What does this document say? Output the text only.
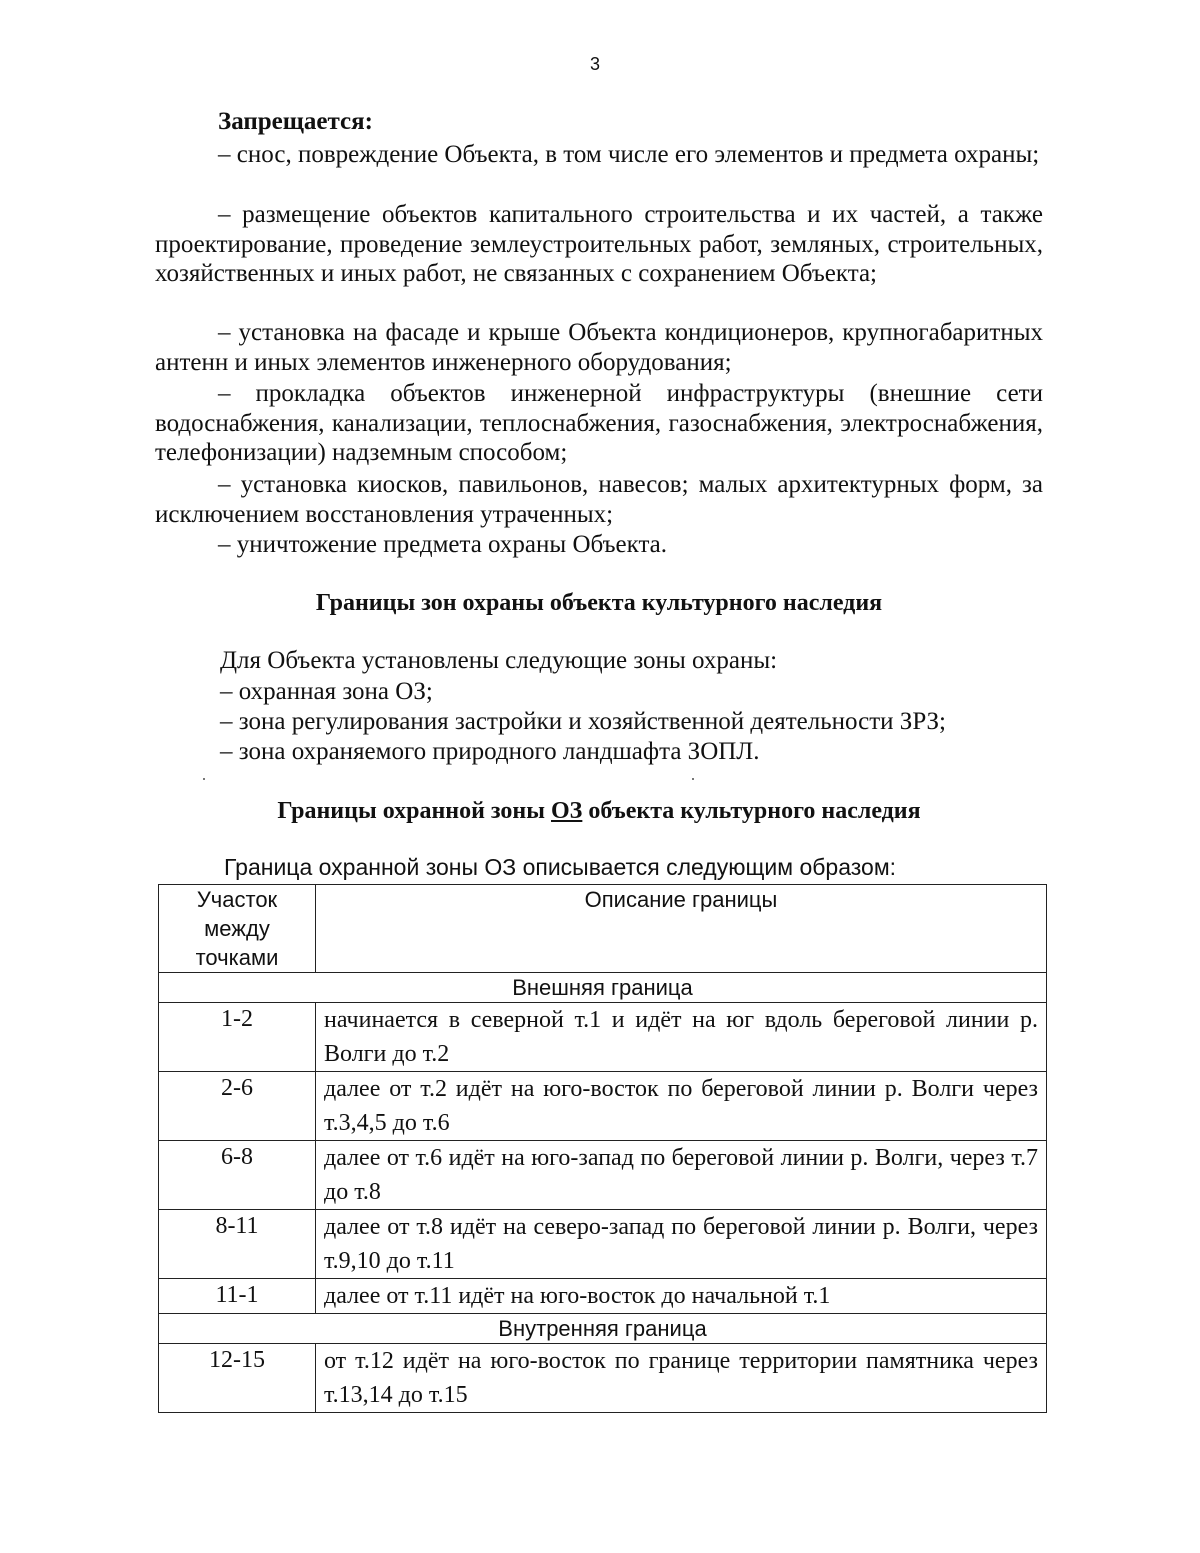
3
Запрещается:
– снос, повреждение Объекта, в том числе его элементов и предмета охраны;
– размещение объектов капитального строительства и их частей, а также проектирование, проведение землеустроительных работ, земляных, строительных, хозяйственных и иных работ, не связанных с сохранением Объекта;
– установка на фасаде и крыше Объекта кондиционеров, крупногабаритных антенн и иных элементов инженерного оборудования;
– прокладка объектов инженерной инфраструктуры (внешние сети водоснабжения, канализации, теплоснабжения, газоснабжения, электроснабжения, телефонизации) надземным способом;
– установка киосков, павильонов, навесов; малых архитектурных форм, за исключением восстановления утраченных;
– уничтожение предмета охраны Объекта.
Границы зон охраны объекта культурного наследия
Для Объекта установлены следующие зоны охраны:
– охранная зона ОЗ;
– зона регулирования застройки и хозяйственной деятельности ЗРЗ;
– зона охраняемого природного ландшафта ЗОПЛ.
Границы охранной зоны ОЗ объекта культурного наследия
Граница охранной зоны ОЗ описывается следующим образом:
Участок
между
точками	Описание границы
Внешняя граница	
1-2	начинается в северной т.1 и идёт на юг вдоль береговой линии р. Волги до т.2
2-6	далее от т.2 идёт на юго-восток по береговой линии р. Волги через т.3,4,5 до т.6
6-8	далее от т.6 идёт на юго-запад по береговой линии р. Волги, через т.7 до т.8
8-11	далее от т.8 идёт на северо-запад по береговой линии р. Волги, через т.9,10 до т.11
11-1	далее от т.11 идёт на юго-восток до начальной т.1
Внутренняя граница	
12-15	от т.12 идёт на юго-восток по границе территории памятника через т.13,14 до т.15
